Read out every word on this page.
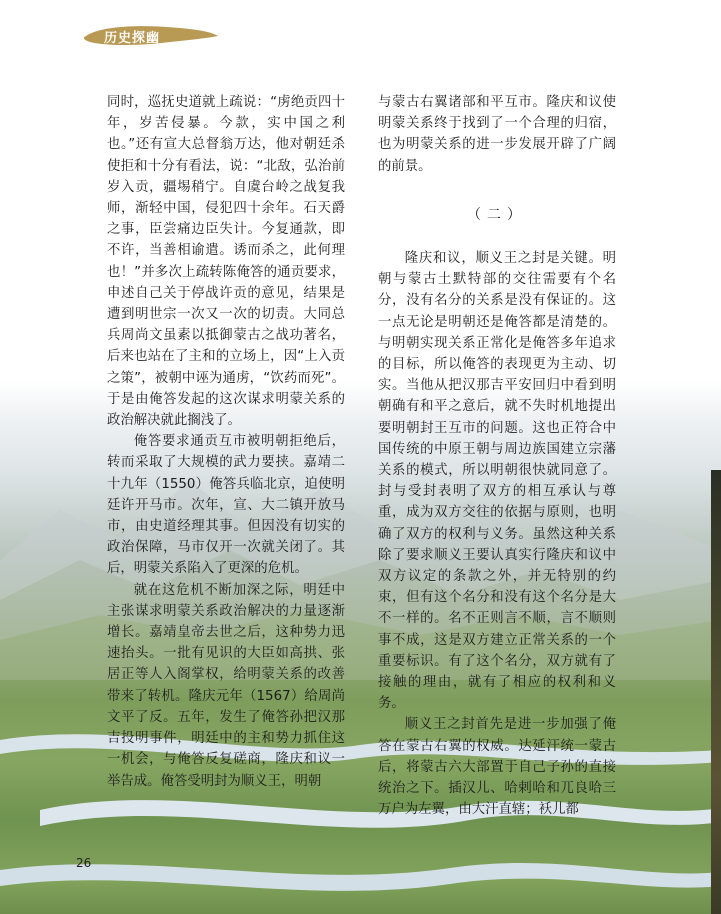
历史探幽

同时，巡抚史道就上疏说：“虏绝贡四十年，岁苦侵暴。今款，实中国之利也。”还有宣大总督翁万达，他对朝廷杀使拒和十分有看法，说：“北敌，弘治前岁入贡，疆埸稍宁。自虞台岭之战复我师，渐轻中国，侵犯四十余年。石天爵之事，臣尝痛边臣失计。今复通款，即不许，当善相谕遣。诱而杀之，此何理也！”并多次上疏转陈俺答的通贡要求，申述自己关于停战许贡的意见，结果是遭到明世宗一次又一次的切责。大同总兵周尚文虽素以抵御蒙古之战功著名，后来也站在了主和的立场上，因“上入贡之策”，被朝中诬为通虏，“饮药而死”。于是由俺答发起的这次谋求明蒙关系的政治解决就此搁浅了。

俺答要求通贡互市被明朝拒绝后，转而采取了大规模的武力要挟。嘉靖二十九年（1550）俺答兵临北京，迫使明廷许开马市。次年，宣、大二镇开放马市，由史道经理其事。但因没有切实的政治保障，马市仅开一次就关闭了。其后，明蒙关系陷入了更深的危机。

就在这危机不断加深之际，明廷中主张谋求明蒙关系政治解决的力量逐渐增长。嘉靖皇帝去世之后，这种势力迅速抬头。一批有见识的大臣如高拱、张居正等人入阁掌权，给明蒙关系的改善带来了转机。隆庆元年（1567）给周尚文平了反。五年，发生了俺答孙把汉那吉投明事件，明廷中的主和势力抓住这一机会，与俺答反复磋商，隆庆和议一举告成。俺答受明封为顺义王，明朝

与蒙古右翼诸部和平互市。隆庆和议使明蒙关系终于找到了一个合理的归宿，也为明蒙关系的进一步发展开辟了广阔的前景。

（二）

隆庆和议，顺义王之封是关键。明朝与蒙古土默特部的交往需要有个名分，没有名分的关系是没有保证的。这一点无论是明朝还是俺答都是清楚的。与明朝实现关系正常化是俺答多年追求的目标，所以俺答的表现更为主动、切实。当他从把汉那吉平安回归中看到明朝确有和平之意后，就不失时机地提出要明朝封王互市的问题。这也正符合中国传统的中原王朝与周边族国建立宗藩关系的模式，所以明朝很快就同意了。封与受封表明了双方的相互承认与尊重，成为双方交往的依据与原则，也明确了双方的权利与义务。虽然这种关系除了要求顺义王要认真实行隆庆和议中双方议定的条款之外，并无特别的约束，但有这个名分和没有这个名分是大不一样的。名不正则言不顺，言不顺则事不成，这是双方建立正常关系的一个重要标识。有了这个名分，双方就有了接触的理由，就有了相应的权利和义务。

顺义王之封首先是进一步加强了俺答在蒙古右翼的权威。达延汗统一蒙古后，将蒙古六大部置于自己子孙的直接统治之下。插汉儿、哈剌哈和兀良哈三万户为左翼，由大汗直辖；袄儿都

26
